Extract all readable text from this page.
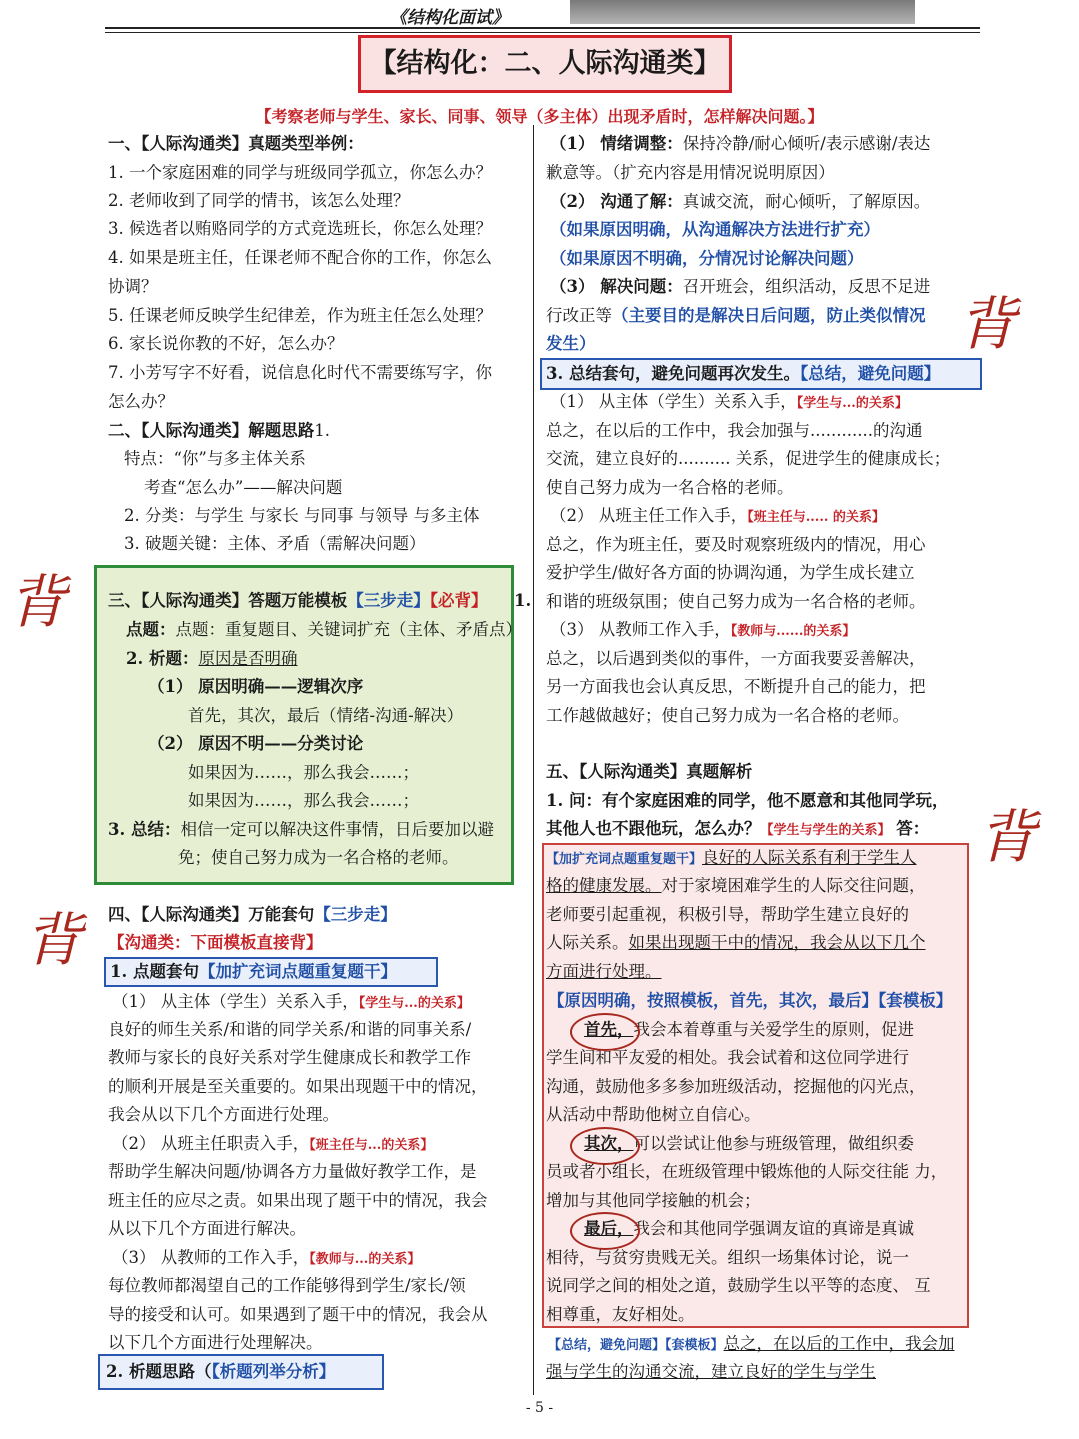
《结构化面试》
【结构化：二、人际沟通类】
【考察老师与学生、家长、同事、领导（多主体）出现矛盾时，怎样解决问题。】
一、【人际沟通类】真题类型举例：
1. 一个家庭困难的同学与班级同学孤立，你怎么办？
2. 老师收到了同学的情书，该怎么处理？
3. 候选者以贿赂同学的方式竞选班长，你怎么处理？
4. 如果是班主任，任课老师不配合你的工作，你怎么
协调？
5. 任课老师反映学生纪律差，作为班主任怎么处理？
6. 家长说你教的不好，怎么办？
7. 小芳写字不好看，说信息化时代不需要练写字，你
怎么办？
二、【人际沟通类】解题思路1.
特点：“你”与多主体关系
考查“怎么办”——解决问题
2. 分类：与学生 与家长 与同事 与领导 与多主体
3. 破题关键：主体、矛盾（需解决问题）
三、【人际沟通类】答题万能模板【三步走】【必背】 1.
点题：点题：重复题目、关键词扩充（主体、矛盾点）
2. 析题：原因是否明确
（1） 原因明确——逻辑次序
首先，其次，最后（情绪-沟通-解决）
（2） 原因不明——分类讨论
如果因为……，那么我会……；
如果因为……，那么我会……；
3. 总结：相信一定可以解决这件事情，日后要加以避
免；使自己努力成为一名合格的老师。
四、【人际沟通类】万能套句【三步走】
【沟通类：下面模板直接背】
1. 点题套句【加扩充词点题重复题干】
（1） 从主体（学生）关系入手，【学生与...的关系】
良好的师生关系/和谐的同学关系/和谐的同事关系/
教师与家长的良好关系对学生健康成长和教学工作
的顺利开展是至关重要的。如果出现题干中的情况，
我会从以下几个方面进行处理。
（2） 从班主任职责入手，【班主任与...的关系】
帮助学生解决问题/协调各方力量做好教学工作，是
班主任的应尽之责。如果出现了题干中的情况，我会
从以下几个方面进行解决。
（3） 从教师的工作入手，【教师与...的关系】
每位教师都渴望自己的工作能够得到学生/家长/领
导的接受和认可。如果遇到了题干中的情况，我会从
以下几个方面进行处理解决。
2. 析题思路（【析题列举分析】
（1） 情绪调整：保持冷静/耐心倾听/表示感谢/表达
歉意等。（扩充内容是用情况说明原因）
（2） 沟通了解：真诚交流，耐心倾听，了解原因。
（如果原因明确，从沟通解决方法进行扩充）
（如果原因不明确，分情况讨论解决问题）
（3） 解决问题：召开班会，组织活动，反思不足进
行改正等（主要目的是解决日后问题，防止类似情况
发生）
3. 总结套句，避免问题再次发生。【总结，避免问题】
（1） 从主体（学生）关系入手，【学生与...的关系】
总之，在以后的工作中，我会加强与............的沟通
交流，建立良好的.......... 关系，促进学生的健康成长；
使自己努力成为一名合格的老师。
（2） 从班主任工作入手，【班主任与..... 的关系】
总之，作为班主任，要及时观察班级内的情况，用心
爱护学生/做好各方面的协调沟通，为学生成长建立
和谐的班级氛围；使自己努力成为一名合格的老师。
（3） 从教师工作入手，【教师与......的关系】
总之，以后遇到类似的事件，一方面我要妥善解决，
另一方面我也会认真反思，不断提升自己的能力，把
工作越做越好；使自己努力成为一名合格的老师。
五、【人际沟通类】真题解析
1. 问：有个家庭困难的同学，他不愿意和其他同学玩，
其他人也不跟他玩，怎么办？【学生与学生的关系】 答：
【加扩充词点题重复题干】良好的人际关系有利于学生人
格的健康发展。对于家境困难学生的人际交往问题，
老师要引起重视，积极引导，帮助学生建立良好的
人际关系。如果出现题干中的情况，我会从以下几个
方面进行处理。
【原因明确，按照模板，首先，其次，最后】【套模板】
首先，我会本着尊重与关爱学生的原则，促进
学生间和平友爱的相处。我会试着和这位同学进行
沟通，鼓励他多多参加班级活动，挖掘他的闪光点，
从活动中帮助他树立自信心。
其次，可以尝试让他参与班级管理，做组织委
员或者小组长，在班级管理中锻炼他的人际交往能 力，
增加与其他同学接触的机会；
最后，我会和其他同学强调友谊的真谛是真诚
相待，与贫穷贵贱无关。组织一场集体讨论，说一
说同学之间的相处之道，鼓励学生以平等的态度、 互
相尊重，友好相处。
【总结，避免问题】【套模板】总之，在以后的工作中，我会加
强与学生的沟通交流，建立良好的学生与学生
背
背
背
背
- 5 -
